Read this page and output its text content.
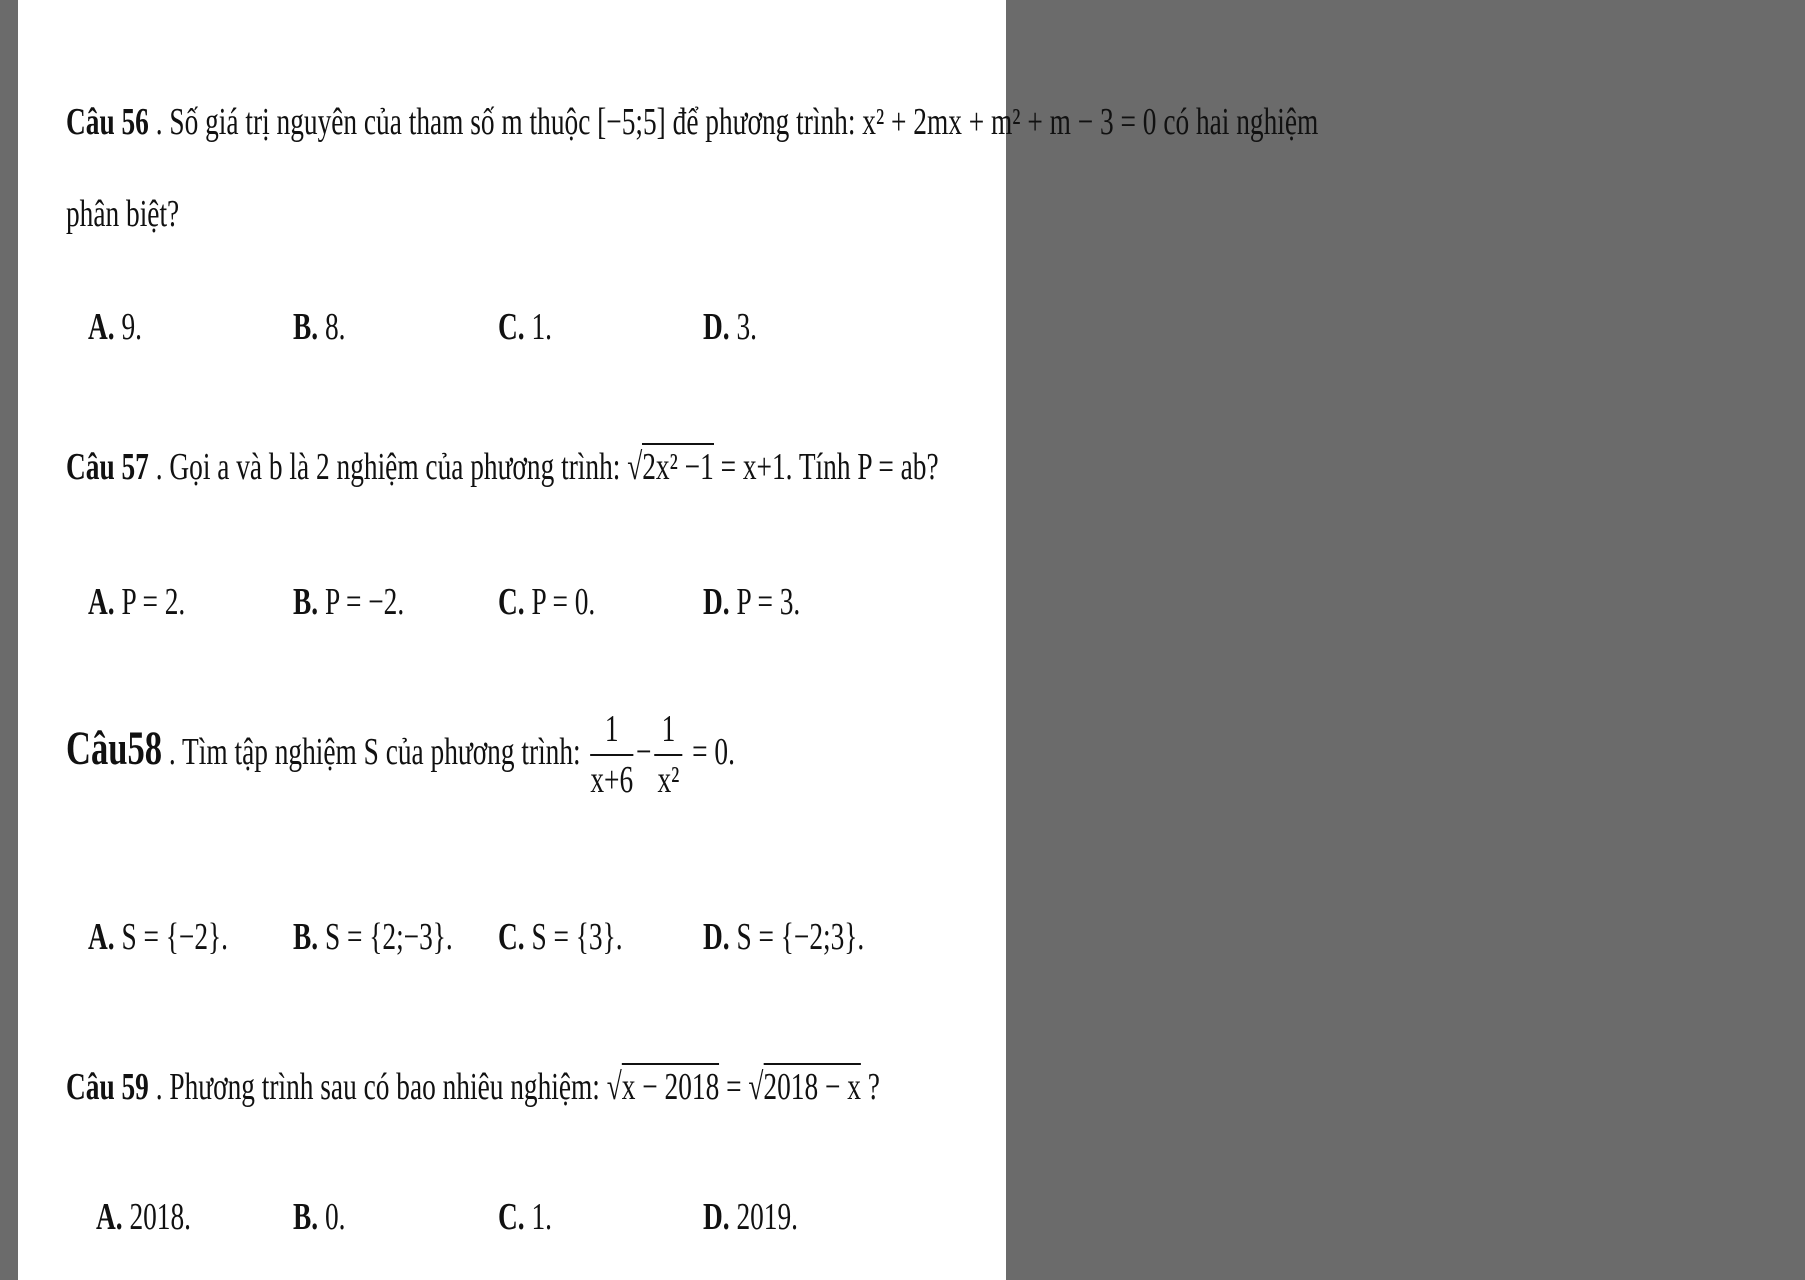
Câu 56 . Số giá trị nguyên của tham số m thuộc [−5;5] để phương trình: x² + 2mx + m² + m − 3 = 0 có hai nghiệm
phân biệt?
A. 9.	B. 8.	C. 1.	D. 3.
Câu 57 . Gọi a và b là 2 nghiệm của phương trình: √2x² −1 = x+1. Tính P = ab?
A. P = 2.	B. P = −2. C. P = 0.	D. P = 3.
Câu58 . Tìm tập nghiệm S của phương trình: $\frac{1}{x+6} - \frac{1}{\text{x²}} = 0$.
A. S = {−2}. B. S = {2;−3}. C. S = {3}. D. S = {−2;3}.
Câu 59 . Phương trình sau có bao nhiêu nghiệm: √x − 2018 = √2018 − x ?
A. 2018.	B. 0.	C. 1.	D. 2019.
